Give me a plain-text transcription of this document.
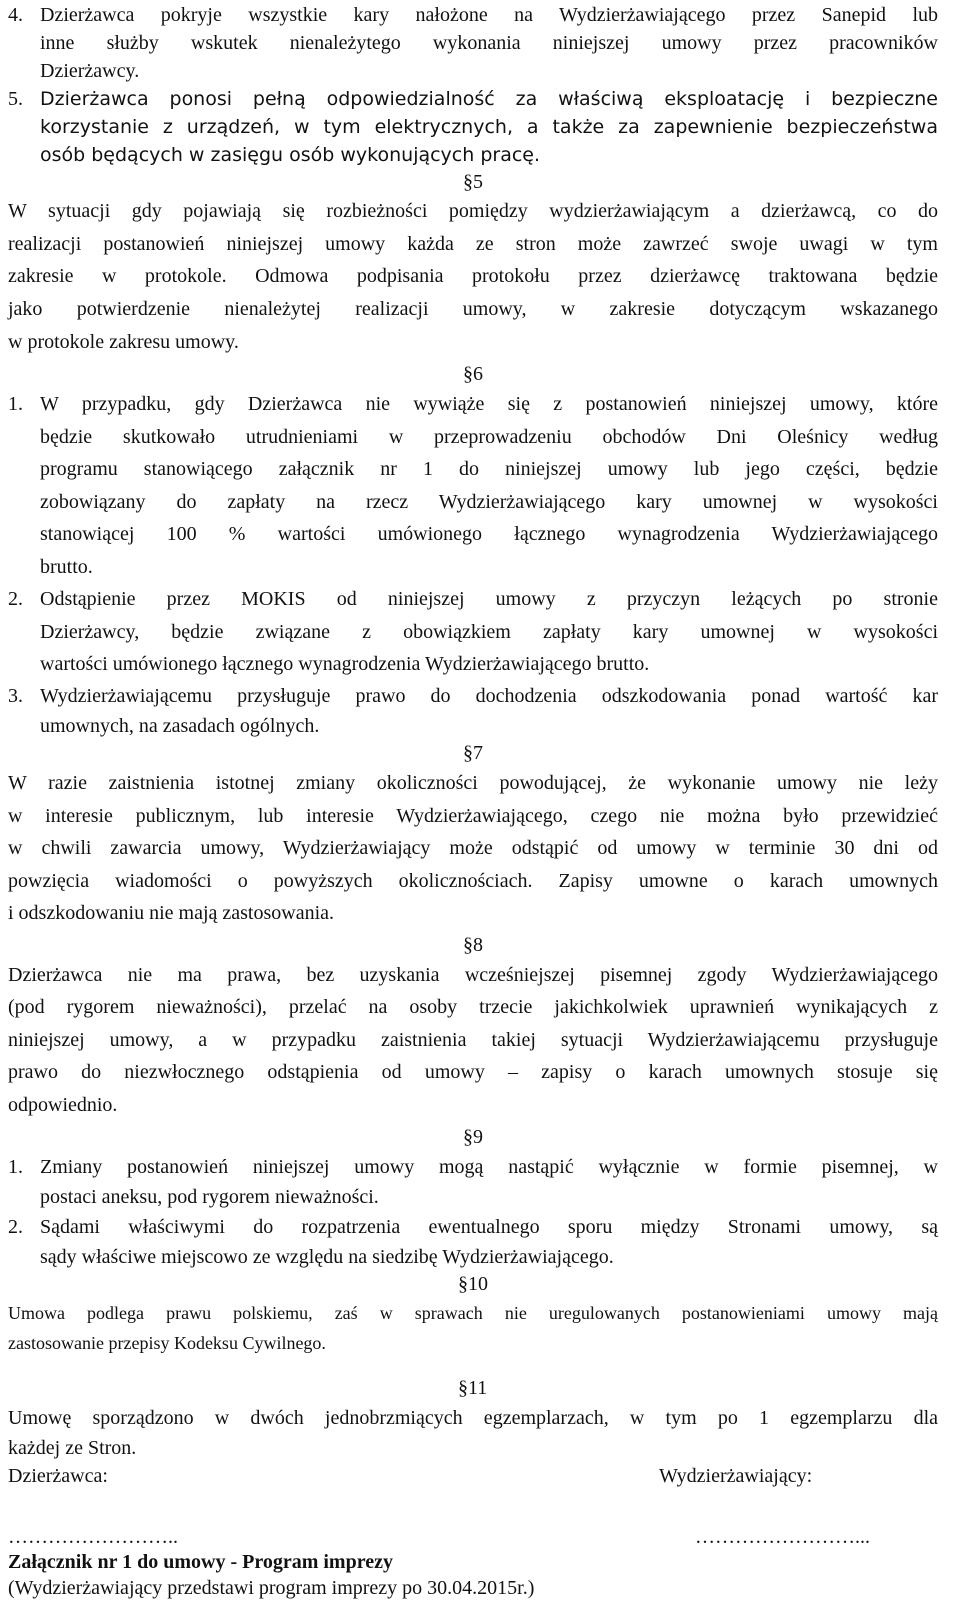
4. Dzierżawca pokryje wszystkie kary nałożone na Wydzierżawiającego przez Sanepid lub
inne służby wskutek nienależytego wykonania niniejszej umowy przez pracowników
Dzierżawcy.
5. Dzierżawca ponosi pełną odpowiedzialność za właściwą eksploatację i bezpieczne
korzystanie z urządzeń, w tym elektrycznych, a także za zapewnienie bezpieczeństwa
osób będących w zasięgu osób wykonujących pracę.
§5
W sytuacji gdy pojawiają się rozbieżności pomiędzy wydzierżawiającym a dzierżawcą, co do
realizacji postanowień niniejszej umowy każda ze stron może zawrzeć swoje uwagi w tym
zakresie w protokole. Odmowa podpisania protokołu przez dzierżawcę traktowana będzie
jako potwierdzenie nienależytej realizacji umowy, w zakresie dotyczącym wskazanego
w protokole zakresu umowy.
§6
1. W przypadku, gdy Dzierżawca nie wywiąże się z postanowień niniejszej umowy, które
będzie skutkowało utrudnieniami w przeprowadzeniu obchodów Dni Oleśnicy według
programu stanowiącego załącznik nr 1 do niniejszej umowy lub jego części, będzie
zobowiązany do zapłaty na rzecz Wydzierżawiającego kary umownej w wysokości
stanowiącej 100 % wartości umówionego łącznego wynagrodzenia Wydzierżawiającego
brutto.
2. Odstąpienie przez MOKIS od niniejszej umowy z przyczyn leżących po stronie
Dzierżawcy, będzie związane z obowiązkiem zapłaty kary umownej w wysokości
wartości umówionego łącznego wynagrodzenia Wydzierżawiającego brutto.
3. Wydzierżawiającemu przysługuje prawo do dochodzenia odszkodowania ponad wartość kar
umownych, na zasadach ogólnych.
§7
W razie zaistnienia istotnej zmiany okoliczności powodującej, że wykonanie umowy nie leży
w interesie publicznym, lub interesie Wydzierżawiającego, czego nie można było przewidzieć
w chwili zawarcia umowy, Wydzierżawiający może odstąpić od umowy w terminie 30 dni od
powzięcia wiadomości o powyższych okolicznościach. Zapisy umowne o karach umownych
i odszkodowaniu nie mają zastosowania.
§8
Dzierżawca nie ma prawa, bez uzyskania wcześniejszej pisemnej zgody Wydzierżawiającego
(pod rygorem nieważności), przelać na osoby trzecie jakichkolwiek uprawnień wynikających z
niniejszej umowy, a w przypadku zaistnienia takiej sytuacji Wydzierżawiającemu przysługuje
prawo do niezwłocznego odstąpienia od umowy – zapisy o karach umownych stosuje się
odpowiednio.
§9
1. Zmiany postanowień niniejszej umowy mogą nastąpić wyłącznie w formie pisemnej, w
postaci aneksu, pod rygorem nieważności.
2. Sądami właściwymi do rozpatrzenia ewentualnego sporu między Stronami umowy, są
sądy właściwe miejscowo ze względu na siedzibę Wydzierżawiającego.
§10
Umowa podlega prawu polskiemu, zaś w sprawach nie uregulowanych postanowieniami umowy mają
zastosowanie przepisy Kodeksu Cywilnego.
§11
Umowę sporządzono w dwóch jednobrzmiących egzemplarzach, w tym po 1 egzemplarzu dla
każdej ze Stron.
Dzierżawca:	Wydzierżawiający:
……………………..	……………………...
Załącznik nr 1 do umowy - Program imprezy
(Wydzierżawiający przedstawi program imprezy po 30.04.2015r.)
